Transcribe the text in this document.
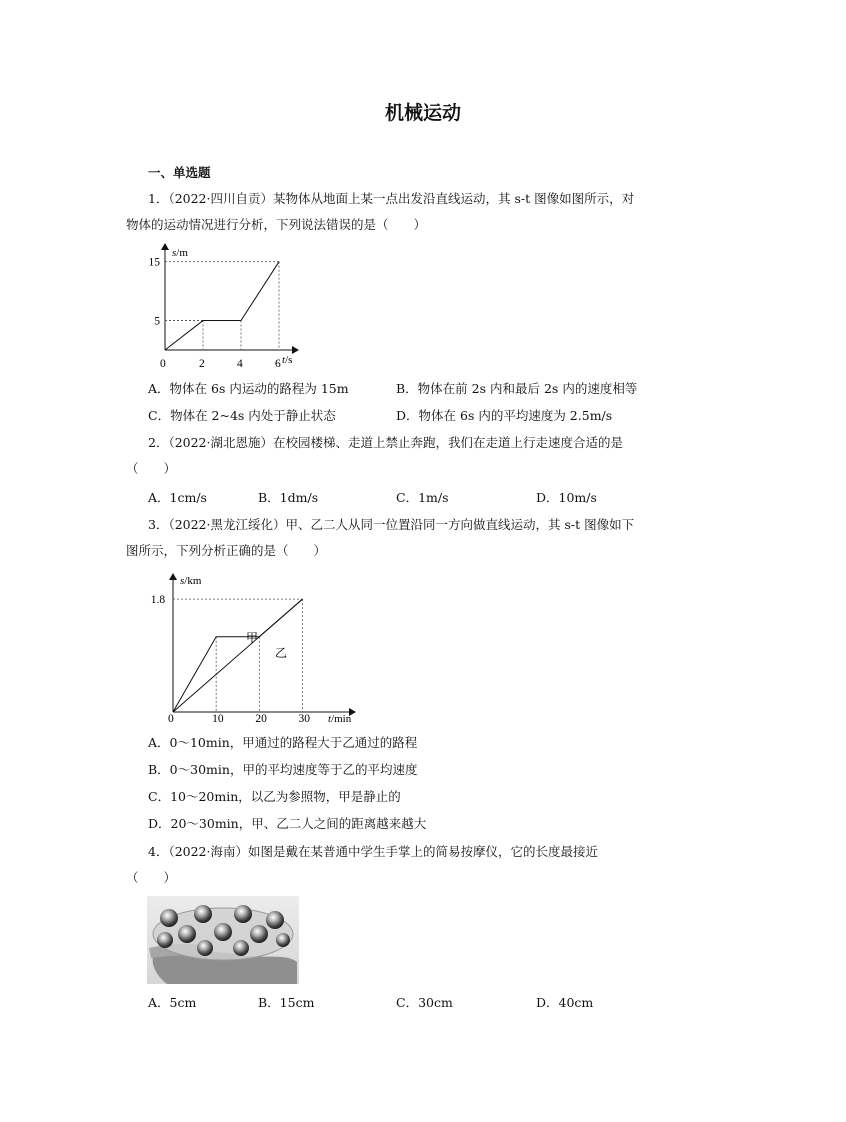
机械运动
一、单选题
1．（2022·四川自贡）某物体从地面上某一点出发沿直线运动，其 s-t 图像如图所示，对
物体的运动情况进行分析，下列说法错误的是（　　）
2	4	6
5
15
s/m
t/s
0
A．物体在 6s 内运动的路程为 15m	B．物体在前 2s 内和最后 2s 内的速度相等
C．物体在 2~4s 内处于静止状态	D．物体在 6s 内的平均速度为 2.5m/s
2．（2022·湖北恩施）在校园楼梯、走道上禁止奔跑，我们在走道上行走速度合适的是
（　　）
A．1cm/s	B．1dm/s	C．1m/s	D．10m/s
3．（2022·黑龙江绥化）甲、乙二人从同一位置沿同一方向做直线运动，其 s-t 图像如下
图所示，下列分析正确的是（　　）
10	20	30
1.8
s/km
t/min
0
甲
乙
A．0～10min，甲通过的路程大于乙通过的路程
B．0～30min，甲的平均速度等于乙的平均速度
C．10～20min，以乙为参照物，甲是静止的
D．20～30min，甲、乙二人之间的距离越来越大
4．（2022·海南）如图是戴在某普通中学生手掌上的简易按摩仪，它的长度最接近
（　　）
A．5cm	B．15cm	C．30cm	D．40cm
